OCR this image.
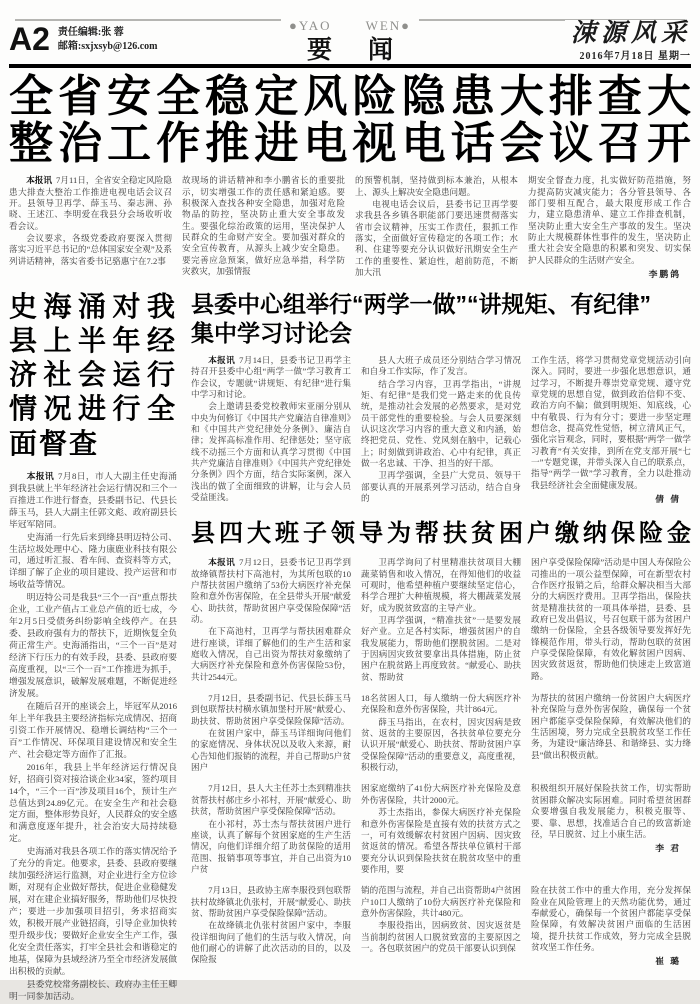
A2 责任编辑:张 蓉
邮箱:sxjxsyb@126.com
●YAO	WEN●
要 闻
涑源风采
2016年7月18日 星期一
全省安全稳定风险隐患大排查大
整治工作推进电视电话会议召开

本报讯 7月11日，全省安全稳定风险隐患大排查大整治工作推进电视电话会议召开。县领导卫再学、薛玉马、秦志洲、孙晓、王述江、李明爱在我县分会场收听收看会议。

会议要求，各级党委政府要深入贯彻落实习近平总书记的“总体国家安全观”及系列讲话精神，落实省委书记骆惠宁在7.2事

故现场的讲话精神和李小鹏省长的重要批示，切实增强工作的责任感和紧迫感。要积极深入查找各种安全隐患，加强对危险物品的防控，坚决防止重大安全事故发生。要强化综治政策的运用，坚决保护人民群众的生命财产安全。要加强对群众的安全宣传教育，从源头上减少安全隐患。要完善应急预案，做好应急举措，科学防灾救灾，加强情报

的预警机制，坚持做到标本兼治，从根本上、源头上解决安全隐患问题。

电视电话会议后，县委书记卫再学要求我县各乡镇各职能部门要迅速贯彻落实省市会议精神，压实工作责任，狠抓工作落实，全面做好宣传稳定的各项工作；水利、住建等要充分认识做好汛期安全生产工作的重要性、紧迫性，超前防范，不断加大汛

期安全督查力度，扎实做好防范措施，努力提高防灾减灾能力；各分管县领导、各部门要相互配合，最大限度形成工作合力，建立隐患清单、建立工作排查机制，坚决防止重大安全生产事故的发生。坚决防止大规模群体性事件的发生，坚决防止重大社会安全隐患的积累和突发、切实保护人民群众的生活财产安全。

李鹏鸽

史海涌对我县上半年经济社会运行情况进行全面督查

本报讯 7月8日，市人大副主任史海涌到我县就上半年经济社会运行情况和三个一百推进工作进行督查，县委副书记、代县长薛玉马，县人大副主任郭文彪、政府副县长毕冠军陪同。

史海涌一行先后来到绛县明迈特公司、生活垃圾处理中心、隆力康鹿业科技有限公司，通过听汇报、看车间、查资料等方式，详细了解了企业的项目建设、投产运营和市场收益等情况。

明迈特公司是我县“三个一百”重点帮扶企业，工业产值占工业总产值的近七成，今年2月5日受债务纠纷影响全线停产。在县委、县政府强有力的帮扶下，近期恢复全负荷正常生产。史海涌指出，“三个一百”是对经济下行压力的有效手段，县委、县政府要高度重视，以“三个一百”工作推进为抓手，增强发展意识，破解发展难题，不断促进经济发展。

在随后召开的座谈会上，毕冠军从2016年上半年我县主要经济指标完成情况、招商引资工作开展情况、稳增长调结构“三个一百”工作情况、环保项目建设情况和安全生产、社会稳定等方面作了汇报。

2016年，我县上半年经济运行情况良好，招商引资对接洽谈企业34家，签约项目14个，“三个一百”涉及项目16个，预计生产总值达到24.89亿元。在安全生产和社会稳定方面，整体形势良好，人民群众的安全感和满意度逐年提升，社会治安大局持续稳定。

史海涌对我县各项工作的落实情况给予了充分的肯定。他要求，县委、县政府要继续加强经济运行监测，对企业进行全方位诊断，对现有企业做好帮扶，促进企业稳健发展，对在建企业搞好服务，帮助他们尽快投产；要进一步加强项目招引，务求招商实效，积极开展产业链招商，引导企业加快转型升级步伐；要做好企业安全生产工作，强化安全责任落实，打牢全县社会和谐稳定的地基，保障为县域经济乃至全市经济发展做出积极的贡献。

县委党校常务副校长、政府办主任王卿明一同参加活动。

县委中心组举行“两学一做”“讲规矩、有纪律”
集中学习讨论会

本报讯 7月14日，县委书记卫再学主持召开县委中心组“两学一做”学习教育工作会议，专题就“讲规矩、有纪律”进行集中学习和讨论。

会上邀请县委党校教师宋亚丽分别从中央为何修订《中国共产党廉洁自律准则》和《中国共产党纪律处分条例》、廉洁自律；发挥高标准作用、纪律惩处；坚守底线不动摇三个方面和认真学习贯彻《中国共产党廉洁自律准则》《中国共产党纪律处分条例》四个方面，结合实际案例，深入浅出的做了全面细致的讲解，让与会人员受益匪浅。

县人大班子成员还分别结合学习情况和自身工作实际，作了发言。

结合学习内容，卫再学指出，“讲规矩、有纪律”是我们党一路走来的优良传统，是推动社会发展的必然要求，是对党员干部党性的重要检验。与会人员要深刻认识这次学习内容的重大意义和内涵，始终把党员、党性、党风刻在脑中，记载心上；时刻做到讲政治、心中有纪律，真正做一名忠诚、干净、担当的好干部。

卫再学强调，全县广大党员、领导干部要认真的开展系列学习活动，结合自身的

工作生活，将学习贯彻党章党规活动引向深入。同时，要进一步强化思想意识，通过学习，不断提升尊崇党章党规、遵守党章党规的思想自觉，做到政治信仰不变、政治方向不偏；做到明规矩、知底线，心中有敬畏、行为有分寸；要进一步坚定理想信念，提高党性觉悟，树立清风正气，强化宗旨观念，同时，要根据“两学一做学习教育”有关安排，到所在党支部开展“七一”专题党课，并带头深入自己的联系点，指导“两学一做”学习教育，全力以赴推动我县经济社会全面健康发展。

倩 倩

县四大班子领导为帮扶贫困户缴纳保险金

本报讯 7月12日，县委书记卫再学到故绛镇帮扶村下高池村，为其所包联的10户帮扶贫困户缴纳了53份大病医疗补充保险和意外伤害保险，在全县带头开展“献爱心、助扶贫，帮助贫困户享受保险保障”活动。

在下高池村，卫再学与帮扶困难群众进行座谈，详细了解他们的生产生活和家庭收入情况，自己出资为帮扶对象缴纳了大病医疗补充保险和意外伤害保险53份，共计2544元。

卫再学询问了村里精准扶贫项目大棚蔬菜销售和收入情况，在得知他们的收益可观时，他希望种植户要继续坚定信心，科学合理扩大种植规模，将大棚蔬菜发展好，成为脱贫致富的主导产业。

卫再学强调，“精准扶贫”一是要发展好产业。立足各村实际，增强贫困户的自我发展能力，帮助他们摆脱贫困。二是对于因病因灾致贫要拿出具体措施，防止贫困户在脱贫路上再度致贫。“献爱心、助扶贫、帮助贫

困户享受保险保障”活动是中国人寿保险公司推出的一项公益型保障，可在新型农村合作医疗报销之后，给群众解决相当大部分的大病医疗费用。卫再学指出，保险扶贫是精准扶贫的一项具体举措，县委、县政府已发出倡议，号召包联干部为贫困户缴纳一份保险，全县各级领导要发挥好先锋模范作用，带头行动，帮助包联的贫困户享受保险保障，有效化解贫困户因病、因灾致贫返贫，帮助他们快速走上致富道路。

7月12日，县委副书记、代县长薛玉马到包联帮扶村横水镇加堡村开展“献爱心、助扶贫、帮助贫困户享受保险保障”活动。

在贫困户家中，薛玉马详细询问他们的家庭情况、身体状况以及收入来源，耐心告知他们报销的流程，并自己帮助5户贫困户

18名贫困人口，每人缴纳一份大病医疗补充保险和意外伤害保险，共计864元。

薛玉马指出，在农村，因灾因病是致贫、返贫的主要原因，各扶贫单位要充分认识开展“献爱心、助扶贫、帮助贫困户享受保险保障”活动的重要意义，高度重视，积极行动，

为帮扶的贫困户缴纳一份贫困户大病医疗补充保险与意外伤害保险，确保每一个贫困户都能享受保险保障，有效解决他们的生活困境，努力完成全县脱贫攻坚工作任务，为建设“廉洁绛县、和谐绛县、实力绛县”做出积极贡献。

7月12日，县人大主任苏士杰到精准扶贫帮扶村郝庄乡小祁村，开展“献爱心、助扶贫，帮助贫困户享受保险保障”活动。

在小祁村，苏士杰与帮扶贫困户进行座谈，认真了解每个贫困家庭的生产生活情况，向他们详细介绍了助贫保险的适用范围、报销事项等事宜，并自己出资为10户贫

困家庭缴纳了41份大病医疗补充保险及意外伤害保险，共计2000元。

苏士杰指出，参保大病医疗补充保险和意外伤害保险是直接有效的扶贫方式之一，可有效缓解农村贫困户因病、因灾致贫返贫的情况。希望各帮扶单位镇村干部要充分认识到保险扶贫在脱贫攻坚中的重要作用，要

积极组织开展好保险扶贫工作，切实帮助贫困群众解决实际困难。同时希望贫困群众要增强自我发展能力，积极克服等、要、靠、思想，找准适合自己的致富新途径，早日脱贫、过上小康生活。

李 君

7月13日，县政协主席李服役到包联帮扶村故绛镇北仇张村，开展“献爱心、助扶贫、帮助贫困户享受保险保障”活动。

在故绛镇北仇张村贫困户家中，李服役详细询问了他们的生活与收入情况，向他们耐心的讲解了此次活动的目的，以及保险报

销的范围与流程，并自己出资帮助4户贫困户10口人缴纳了10份大病医疗补充保险和意外伤害保险，共计480元。

李服役指出，因病致贫、因灾返贫是当前制约贫困人口脱贫致富的主要原因之一。各包联贫困户的党员干部要认识到保

险在扶贫工作中的重大作用，充分发挥保险业在风险管理上的天然功能优势，通过奉献爱心，确保每一个贫困户都能享受保险保障，有效解决贫困户面临的生活困境，提升扶贫工作成效，努力完成全县脱贫攻坚工作任务。

崔 璐
